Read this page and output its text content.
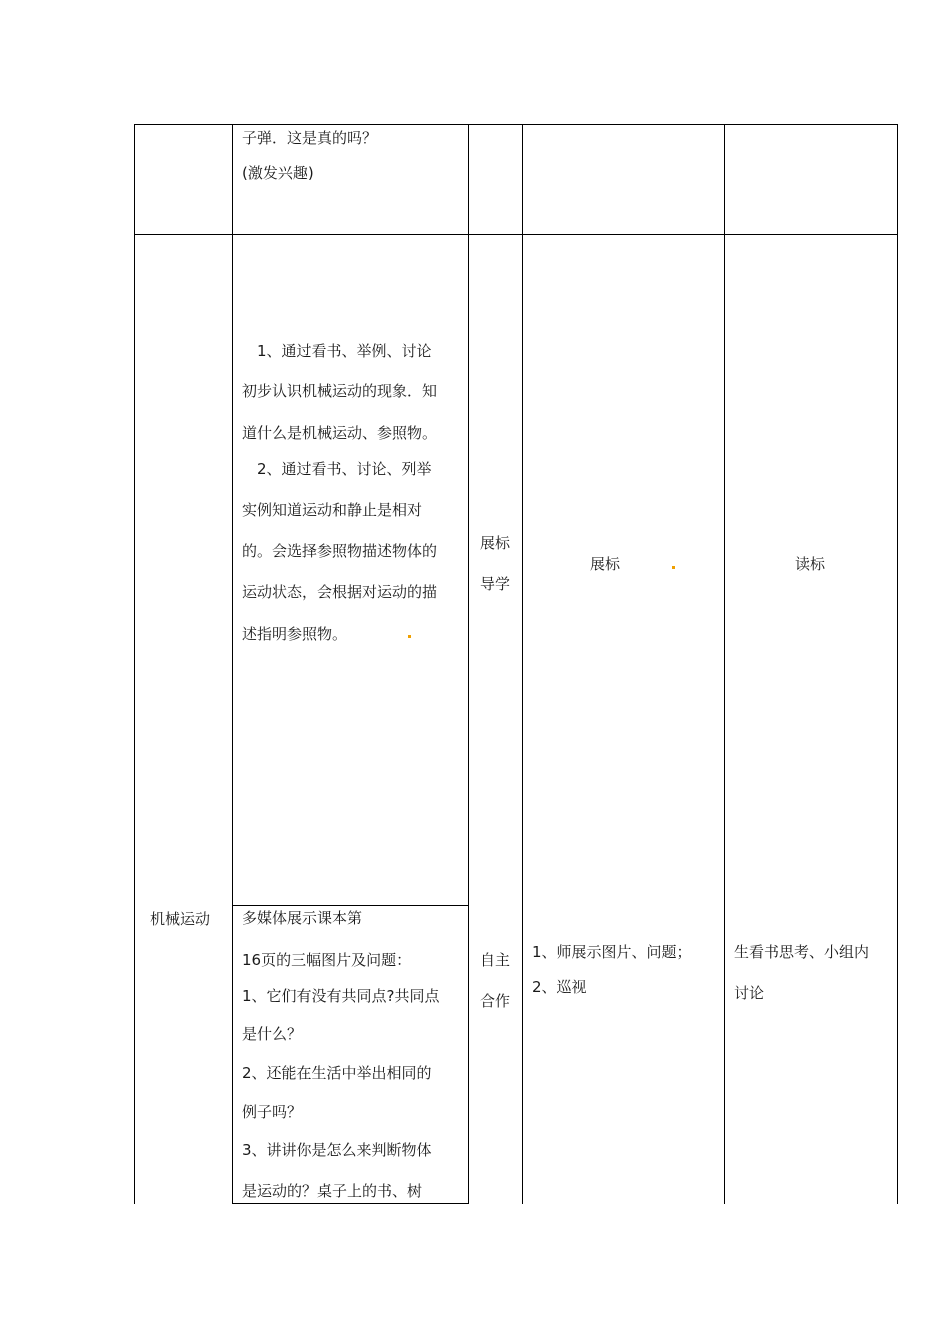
子弹．这是真的吗？
(激发兴趣)
机械运动
1、通过看书、举例、讨论
初步认识机械运动的现象．知
道什么是机械运动、参照物。
2、通过看书、讨论、列举
实例知道运动和静止是相对
的。会选择参照物描述物体的
运动状态，会根据对运动的描
述指明参照物。
展标
导学
展标	读标
多媒体展示课本第
16页的三幅图片及问题：
1、它们有没有共同点?共同点
是什么？
2、还能在生活中举出相同的
例子吗？
3、讲讲你是怎么来判断物体
是运动的？桌子上的书、树
自主
合作
1、师展示图片、问题；
2、巡视
生看书思考、小组内
讨论
